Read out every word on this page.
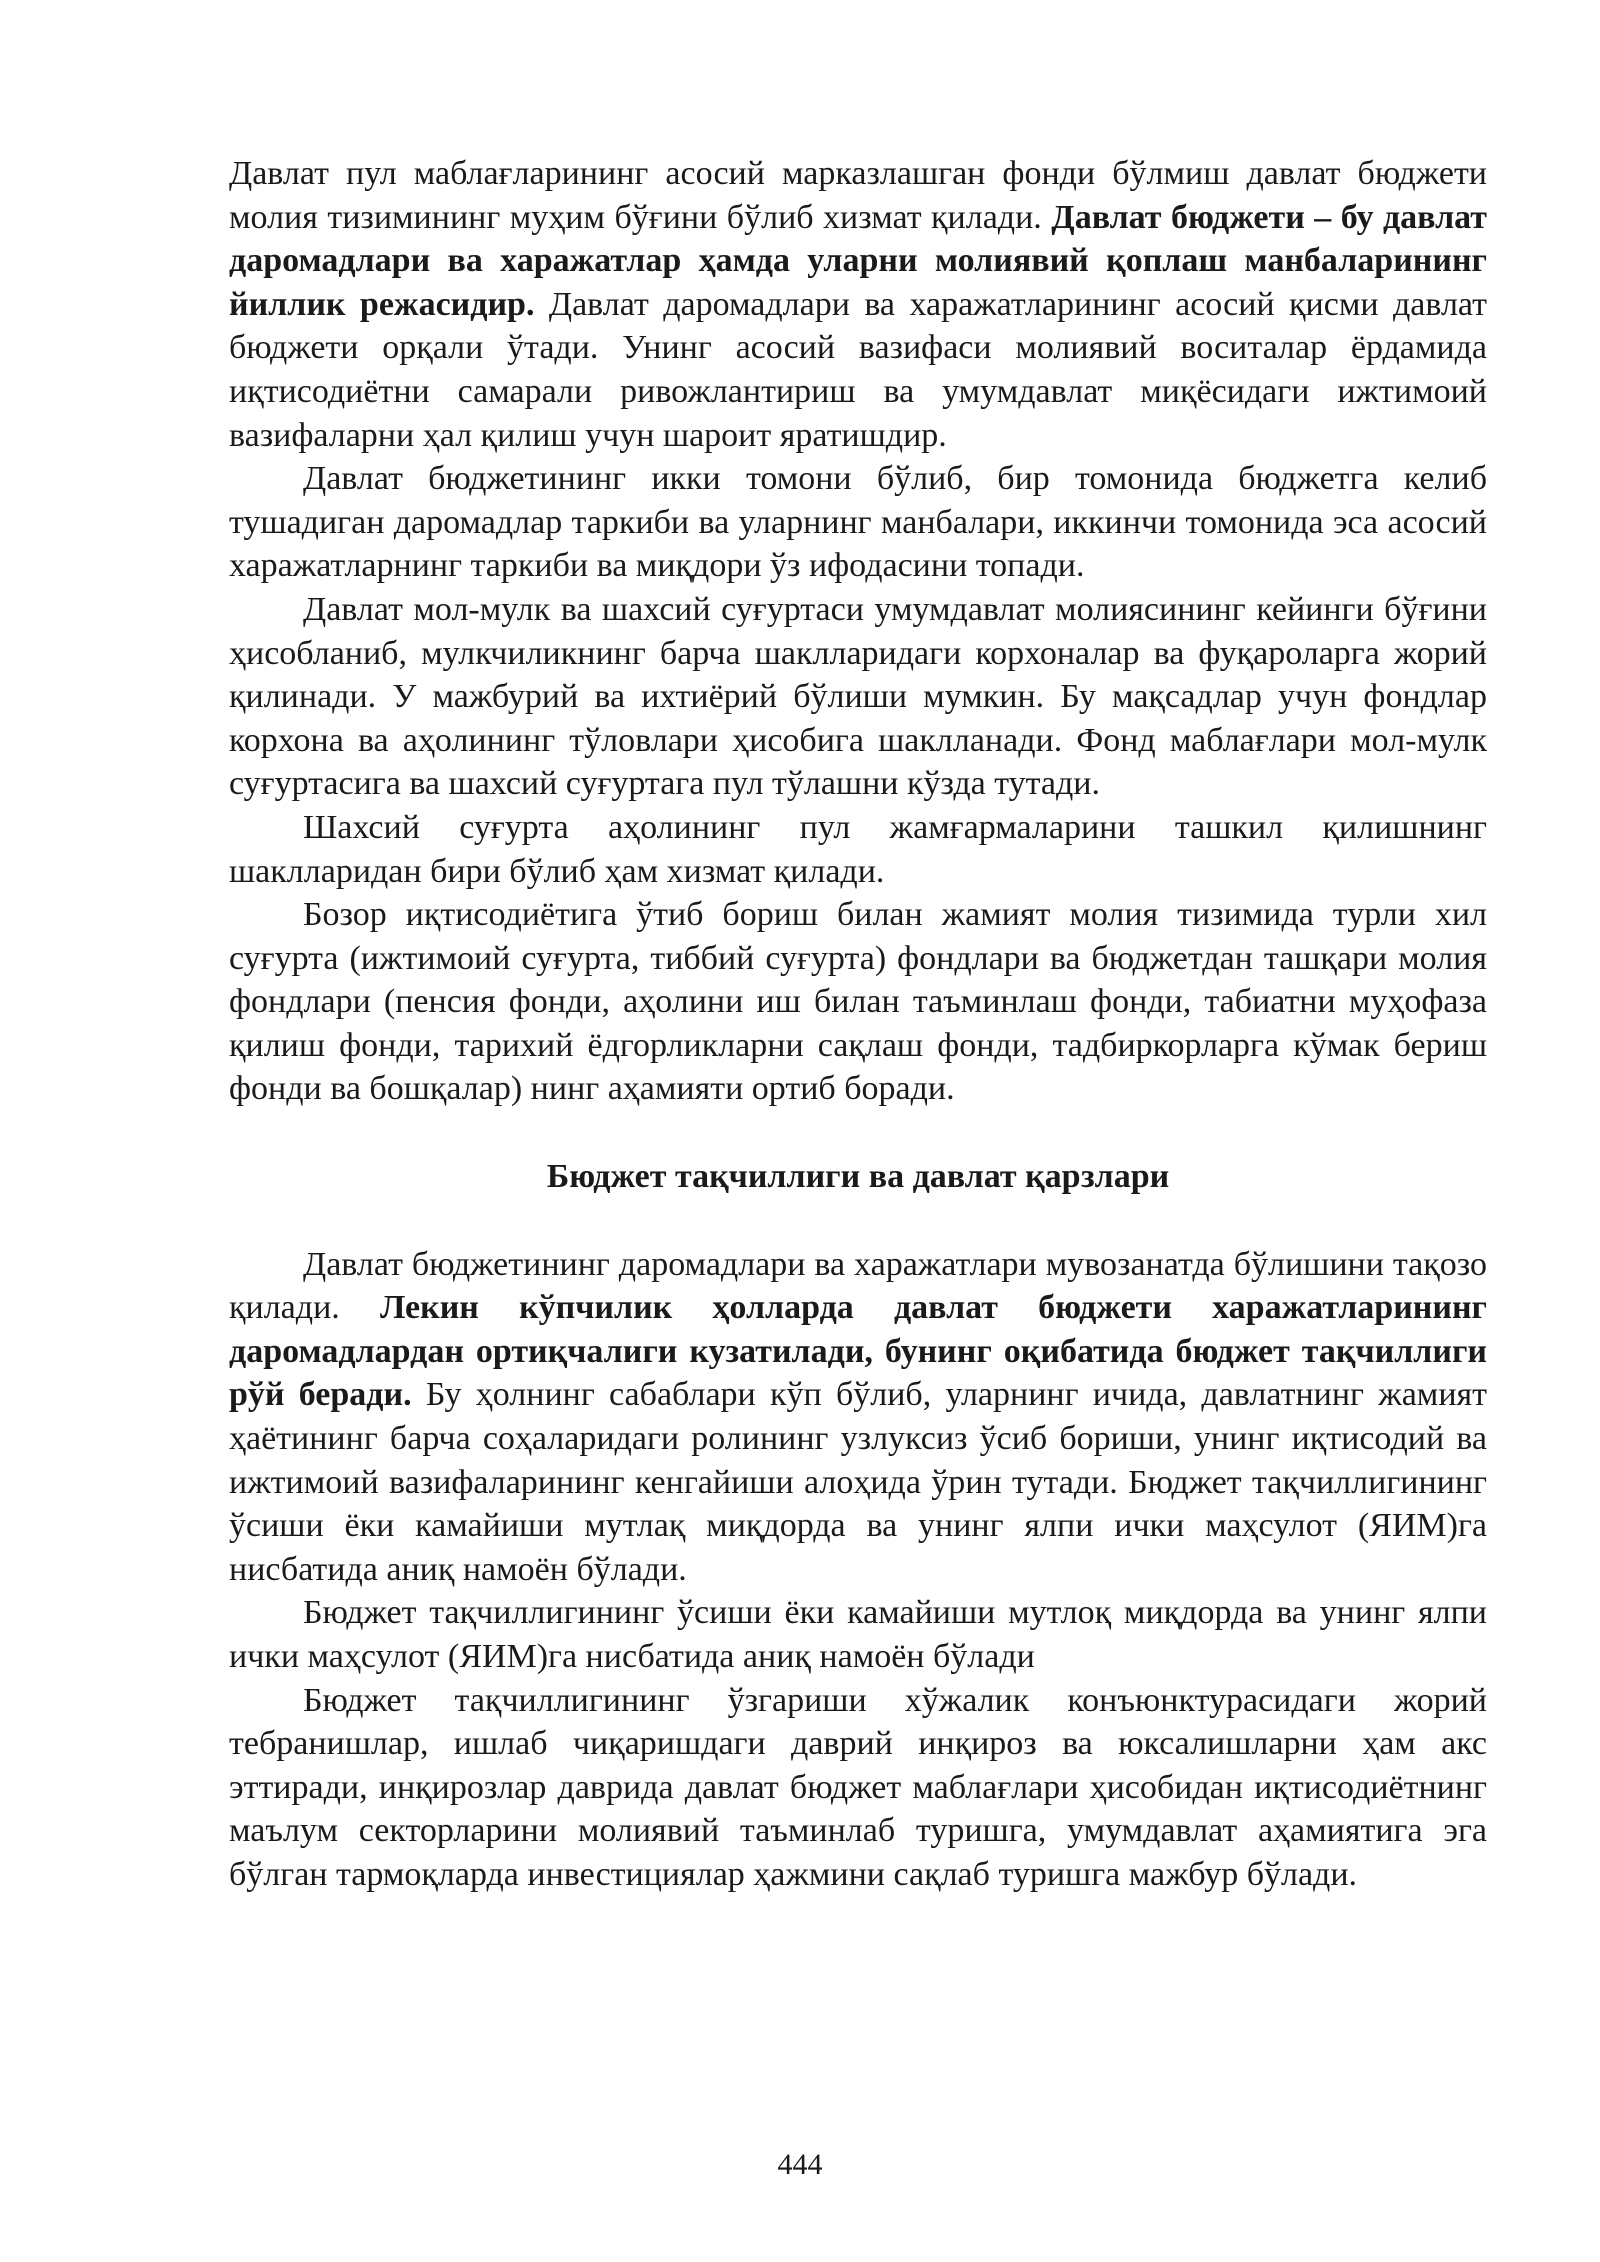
Давлат пул маблағларининг асосий марказлашган фонди бўлмиш давлат бюджети молия тизимининг муҳим бўғини бўлиб хизмат қилади. Давлат бюджети – бу давлат даромадлари ва харажатлар ҳамда уларни молиявий қоплаш манбаларининг йиллик режасидир. Давлат даромадлари ва харажатларининг асосий қисми давлат бюджети орқали ўтади. Унинг асосий вазифаси молиявий воситалар ёрдамида иқтисодиётни самарали ривожлантириш ва умумдавлат миқёсидаги ижтимоий вазифаларни ҳал қилиш учун шароит яратишдир.

Давлат бюджетининг икки томони бўлиб, бир томонида бюджетга келиб тушадиган даромадлар таркиби ва уларнинг манбалари, иккинчи томонида эса асосий харажатларнинг таркиби ва миқдори ўз ифодасини топади.

Давлат мол-мулк ва шахсий суғуртаси умумдавлат молиясининг кейинги бўғини ҳисобланиб, мулкчиликнинг барча шаклларидаги корхоналар ва фуқароларга жорий қилинади. У мажбурий ва ихтиёрий бўлиши мумкин. Бу мақсадлар учун фондлар корхона ва аҳолининг тўловлари ҳисобига шаклланади. Фонд маблағлари мол-мулк суғуртасига ва шахсий суғуртага пул тўлашни кўзда тутади.

Шахсий суғурта аҳолининг пул жамғармаларини ташкил қилишнинг шаклларидан бири бўлиб ҳам хизмат қилади.

Бозор иқтисодиётига ўтиб бориш билан жамият молия тизимида турли хил суғурта (ижтимоий суғурта, тиббий суғурта) фондлари ва бюджетдан ташқари молия фондлари (пенсия фонди, аҳолини иш билан таъминлаш фонди, табиатни муҳофаза қилиш фонди, тарихий ёдгорликларни сақлаш фонди, тадбиркорларга кўмак бериш фонди ва бошқалар) нинг аҳамияти ортиб боради.

Бюджет тақчиллиги ва давлат қарзлари

Давлат бюджетининг даромадлари ва харажатлари мувозанатда бўлишини тақозо қилади. Лекин кўпчилик ҳолларда давлат бюджети харажатларининг даромадлардан ортиқчалиги кузатилади, бунинг оқибатида бюджет тақчиллиги рўй беради. Бу ҳолнинг сабаблари кўп бўлиб, уларнинг ичида, давлатнинг жамият ҳаётининг барча соҳаларидаги ролининг узлуксиз ўсиб бориши, унинг иқтисодий ва ижтимоий вазифаларининг кенгайиши алоҳида ўрин тутади. Бюджет тақчиллигининг ўсиши ёки камайиши мутлақ миқдорда ва унинг ялпи ички маҳсулот (ЯИМ)га нисбатида аниқ намоён бўлади.

Бюджет тақчиллигининг ўсиши ёки камайиши мутлоқ миқдорда ва унинг ялпи ички маҳсулот (ЯИМ)га нисбатида аниқ намоён бўлади

Бюджет тақчиллигининг ўзгариши хўжалик конъюнктурасидаги жорий тебранишлар, ишлаб чиқаришдаги даврий инқироз ва юксалишларни ҳам акс эттиради, инқирозлар даврида давлат бюджет маблағлари ҳисобидан иқтисодиётнинг маълум секторларини молиявий таъминлаб туришга, умумдавлат аҳамиятига эга бўлган тармоқларда инвестициялар ҳажмини сақлаб туришга мажбур бўлади.

444
